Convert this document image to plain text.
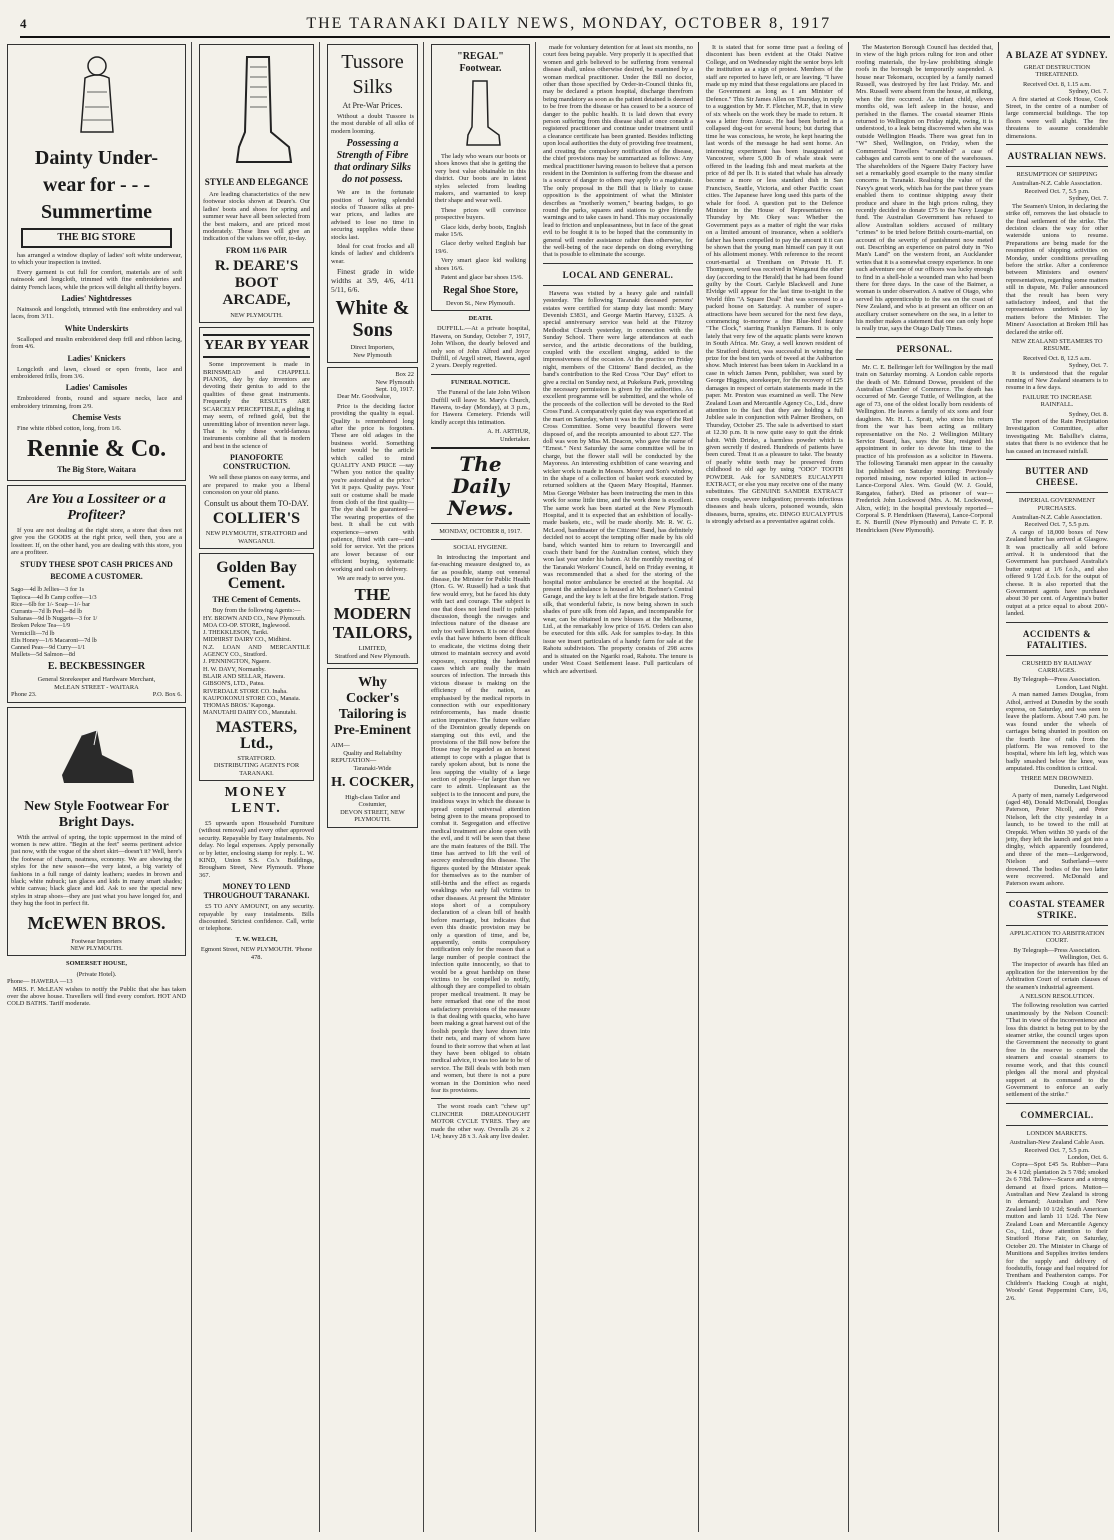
4	THE TARANAKI DAILY NEWS, MONDAY, OCTOBER 8, 1917
Dainty Under-
wear for - - -
Summertime
THE BIG STORE

has arranged a window display of ladies' soft white underwear, to which your inspection is invited.

Every garment is cut full for comfort, materials are of soft nainsook and longcloth, trimmed with fine embroideries and dainty French laces, while the prices will delight all thrifty buyers.

Ladies' Nightdresses

Nainsook and longcloth, trimmed with fine embroidery and val laces, from 3/11.

White Underskirts

Scalloped and muslin embroidered deep frill and ribbon lacing, from 4/6.

Ladies' Knickers

Longcloth and lawn, closed or open fronts, lace and embroidered frills, from 3/6.

Ladies' Camisoles

Embroidered fronts, round and square necks, lace and embroidery trimming, from 2/9.

Chemise Vests

Fine white ribbed cotton, long, from 1/6.

Rennie & Co.
The Big Store, Waitara
Are You a Lossiteer or a Profiteer?

If you are not dealing at the right store, a store that does not give you the GOODS at the right price, well then, you are a lossiteer. If, on the other hand, you are dealing with this store, you are a profiteer.

STUDY THESE SPOT CASH PRICES AND BECOME A CUSTOMER.
Sago—4d lb Jellies—3 for 1s
Tapioca—4d lb Camp coffee—1/3
Rice—6lb for 1/- Soap—1/- bar
Currants—7d lb Peel—8d lb
Sultanas—9d lb Nuggets—3 for 1/
Broken Pekoe Tea—1/9
Vermicilli—7d lb
Elis Honey—1/6 Macaroni—7d lb
Canned Peas—9d Curry—1/1
Mullets—5d Salmon—8d
E. BECKBESSINGER
General Storekeeper and Hardware Merchant,
McLEAN STREET - WAITARA
Phone 23.	P.O. Box 6.
New Style Footwear For Bright Days.

With the arrival of spring, the topic uppermost in the mind of women is new attire. "Begin at the feet" seems pertinent advice just now, with the vogue of the short skirt—doesn't it? Well, here's the footwear of charm, neatness, economy. We are showing the styles for the new season—the very latest, a big variety of fashions in a full range of dainty leathers; suedes in brown and black; white nubuck; tan glaces and kids in many smart shades; white canvas; black glace and kid. Ask to see the special new styles in strap shoes—they are just what you have longed for, and they hug the foot in perfect fit.

McEWEN BROS.
Footwear Importers
NEW PLYMOUTH.
SOMERSET HOUSE,
(Private Hotel).
Phone— HAWERA —13

MRS. F. McLEAN wishes to notify the Public that she has taken over the above house. Travellers will find every comfort. HOT AND COLD BATHS. Tariff moderate.

STYLE AND ELEGANCE

Are leading characteristics of the new footwear stocks shown at Deare's. Our ladies' boots and shoes for spring and summer wear have all been selected from the best makers, and are priced most moderately. These lines will give an indication of the values we offer, to-day.

FROM 11/6 PAIR
R. DEARE'S BOOT ARCADE,
NEW PLYMOUTH.
YEAR BY YEAR

Some improvement is made in BRINSMEAD and CHAPPELL PIANOS, day by day inventors are devoting their genius to add to the qualities of these great instruments. Frequently the RESULTS ARE SCARCELY PERCEPTIBLE, a gliding it may seem, of refined gold, but the unremitting labor of invention never lags. That is why these world-famous instruments combine all that is modern and best in the science of

PIANOFORTE CONSTRUCTION.

We sell these pianos on easy terms, and are prepared to make you a liberal concession on your old piano.

Consult us about them TO-DAY.
COLLIER'S
NEW PLYMOUTH, STRATFORD and WANGANUI.
Golden Bay Cement.
THE Cement of Cements.
Buy from the following Agents:—
HY. BROWN AND CO., New Plymouth.
MOA CO-OP. STORE, Inglewood.
J. THEKKLESON, Tariki.
MIDHIRST DAIRY CO., Midhirst.
N.Z. LOAN AND MERCANTILE AGENCY CO., Stratford.
J. PENNINGTON, Ngaere.
H. W. DAVY, Normanby.
BLAIR AND SELLAR, Hawera.
GIBSON'S, LTD., Patea.
RIVERDALE STORE CO. Inaha.
KAUPOKONUI STORE CO., Manaia.
THOMAS BROS.' Kaponga.
MANUTAHI DAIRY CO., Manutahi.
MASTERS, Ltd.,
STRATFORD.
DISTRIBUTING AGENTS FOR TARANAKI.
MONEY LENT.

£5 upwards upon Household Furniture (without removal) and every other approved security. Repayable by Easy Instalments. No delay. No legal expenses. Apply personally or by letter, enclosing stamp for reply. L. W. KIND, Union S.S. Co.'s Buildings, Brougham Street, New Plymouth. 'Phone 367.

MONEY TO LEND THROUGHOUT TARANAKI.

£5 TO ANY AMOUNT, on any security. repayable by easy instalments. Bills discounted. Strictest confidence. Call, write or telephone.

T. W. WELCH,
Egmont Street, NEW PLYMOUTH. 'Phone 478.
Tussore
Silks
At Pre-War Prices.

Without a doubt Tussore is the most durable of all silks of modern looming.

Possessing a Strength of Fibre that ordinary Silks do not possess.

We are in the fortunate position of having splendid stocks of Tussore silks at pre-war prices, and ladies are advised to lose no time in securing supplies while these stocks last.

Ideal for coat frocks and all kinds of ladies' and children's wear.

Finest grade in wide widths at 3/9, 4/6, 4/11 5/11, 6/6.

White & Sons
Direct Importers,
New Plymouth
Box 22
New Plymouth
Sept. 10, 1917.

Dear Mr. Goodvalue,

Price is the deciding factor providing the quality is equal. Quality is remembered long after the price is forgotten. These are old adages in the business world. Something better would be the article which called to mind QUALITY AND PRICE —say "When you notice the quality you're astonished at the price." Yet it pays. Quality pays. Your suit or costume shall be made from cloth of the first quality—The dye shall be guaranteed—The wearing properties of the best. It shall be cut with experience—sewn with patience, fitted with care—and sold for service. Yet the prices are lower because of our efficient buying, systematic working and cash on delivery.

We are ready to serve you.

THE MODERN TAILORS,
LIMITED,
Stratford and New Plymouth.
Why Cocker's Tailoring is Pre-Eminent
AIM—
Quality and Reliability
REPUTATION—
Taranaki-Wide
H. COCKER,
High-class Tailor and Costumier,
DEVON STREET, NEW PLYMOUTH.
"REGAL" Footwear.

The lady who wears our boots or shoes knows that she is getting the very best value obtainable in this district. Our boots are in latest styles selected from leading makers, and warranted to keep their shape and wear well.

These prices will convince prospective buyers.

Glace kids, derby boots, English make 15/6.

Glace derby welted English bar 19/6.

Very smart glace kid walking shoes 16/6.

Patent and glace bar shoes 15/6.

Regal Shoe Store,
Devon St., New Plymouth.
DEATH.

DUFFILL.—At a private hospital, Hawera, on Sunday, October 7, 1917, John Wilson, the dearly beloved and only son of John Alfred and Joyce Duffill, of Argyll street, Hawera, aged 2 years. Deeply regretted.

FUNERAL NOTICE.

The Funeral of the late John Wilson Duffill will leave St. Mary's Church, Hawera, to-day (Monday), at 3 p.m., for Hawera Cemetery. Friends will kindly accept this intimation.

A. H. ARTHUR,
Undertaker.
The Daily News.
MONDAY, OCTOBER 8, 1917.
SOCIAL HYGIENE.

In introducing the important and far-reaching measure designed to, as far as possible, stamp out venereal disease, the Minister for Public Health (Hon. G. W. Russell) had a task that few would envy, but he faced his duty with tact and courage. The subject is one that does not lend itself to public discussion, though the ravages and infectious nature of the disease are only too well known. It is one of those evils that have hitherto been difficult to eradicate, the victims doing their utmost to maintain secrecy and avoid exposure, excepting the hardened cases which are really the main sources of infection. The inroads this vicious disease is making on the efficiency of the nation, as emphasised by the medical reports in connection with our expeditionary reinforcements, has made drastic action imperative. The future welfare of the Dominion greatly depends on stamping out this evil, and the provisions of the Bill now before the House may be regarded as an honest attempt to cope with a plague that is rarely spoken about, but is none the less sapping the vitality of a large section of people—far larger than we care to admit. Unpleasant as the subject is to the innocent and pure, the insidious ways in which the disease is spread compel universal attention being given to the means proposed to combat it. Segregation and effective medical treatment are alone open with the evil, and it will be seen that these are the main features of the Bill. The time has arrived to lift the veil of secrecy enshrouding this disease. The figures quoted by the Minister speak for themselves as to the number of still-births and the effect as regards weaklings who early fall victims to other diseases. At present the Minister stops short of a compulsory declaration of a clean bill of health before marriage, but indicates that even this drastic provision may be only a question of time, and be, apparently, omits compulsory notification only for the reason that a large number of people contract the infection quite innocently, so that to would be a great hardship on these victims to be compelled to notify, although they are compelled to obtain proper medical treatment. It may be here remarked that one of the most satisfactory provisions of the measure is that dealing with quacks, who have been making a great harvest out of the foolish people they have drawn into their nets, and many of whom have found to their sorrow that when at last they have been obliged to obtain medical advice, it was too late to be of service. The Bill deals with both men and women, but there is not a pure woman in the Dominion who need fear its provisions.

The worst roads can't "chew up" CLINCHER DREADNOUGHT MOTOR CYCLE TYRES. They are made the other way. Overalls 26 x 2 1/4; heavy 28 x 3. Ask any live dealer.

made for voluntary detention for at least six months, no court fees being payable. Very properly it is specified that women and girls believed to be suffering from venereal disease shall, unless otherwise desired, be examined by a woman medical practitioner. Under the Bill no doctor, other than those specified by Order-in-Council thinks fit, may be declared a prison hospital, discharge therefrom being mandatory as soon as the patient detained is deemed to be free from the disease or has ceased to be a source of danger to the public health. It is laid down that every person suffering from this disease shall at once consult a registered practitioner and continue under treatment until a clearance certificate has been granted. Besides inflicting upon local authorities the duty of providing free treatment, and creating the compulsory notification of the disease, the chief provisions may be summarized as follows: Any medical practitioner having reason to believe that a person resident in the Dominion is suffering from the disease and is a source of danger to others may apply to a magistrate. The only proposal in the Bill that is likely to cause opposition is the appointment of what the Minister describes as "motherly women," bearing badges, to go round the parks, squares and stations to give friendly warnings and to take cases in hand. This may occasionally lead to friction and unpleasantness, but in face of the great evil to be fought it is to be hoped that the community in general will render assistance rather than otherwise, for the well-being of the race depends on doing everything that is possible to eliminate the scourge.

LOCAL AND GENERAL.

Hawera was visited by a heavy gale and rainfall yesterday. The following Taranaki deceased persons' estates were certified for stamp duty last month: Mary Devenish £3831, and George Martin Harvey, £1325. A special anniversary service was held at the Fitzroy Methodist Church yesterday, in connection with the Sunday School. There were large attendances at each service, and the artistic decorations of the building, coupled with the excellent singing, added to the impressiveness of the occasion. At the practice on Friday night, members of the Citizens' Band decided, as the band's contribution to the Red Cross "Our Day" effort to give a recital on Sunday next, at Pukekura Park, providing the necessary permission is given by the authorities. An excellent programme will be submitted, and the whole of the proceeds of the collection will be devoted to the Red Cross Fund. A comparatively quiet day was experienced at the mart on Saturday, when it was in the charge of the Red Cross Committee. Some very beautiful flowers were disposed of, and the receipts amounted to about £27. The doll was won by Miss M. Deacon, who gave the name of "Ernest." Next Saturday the same committee will be in charge, but the flower stall will be conducted by the Mayoress. An interesting exhibition of cane weaving and wicker work is made in Messrs. Morey and Son's window, in the shape of a collection of basket work executed by returned soldiers at the Queen Mary Hospital, Hanmer. Miss George Webster has been instructing the men in this work for some little time, and the work done is excellent. The same work has been started at the New Plymouth Hospital, and it is expected that an exhibition of locally-made baskets, etc., will be made shortly. Mr. R. W. G. McLeod, bandmaster of the Citizens' Band, has definitely decided not to accept the tempting offer made by his old band, which wanted him to return to Invercargill and coach their band for the Australian contest, which they won last year under his baton. At the monthly meeting of the Taranaki Workers' Council, held on Friday evening, it was recommended that a shed for the storing of the hospital motor ambulance be erected at the hospital. At present the ambulance is housed at Mr. Brebner's Central Garage, and the key is left at the fire brigade station. Frog silk, that wonderful fabric, is now being shown in such shades of pure silk from old Japan, and incomparable for wear, can be obtained in new blouses at the Melbourne, Ltd., at the remarkably low price of 16/6. Orders can also be executed for this silk. Ask for samples to-day. In this issue we insert particulars of a handy farm for sale at the Rahotu subdivision. The property consists of 298 acres and is situated on the Ngariki road, Rahotu. The tenure is under West Coast Settlement lease. Full particulars of which are advertised.

It is stated that for some time past a feeling of discontent has been evident at the Otaki Native College, and on Wednesday night the senior boys left the institution as a sign of protest. Members of the staff are reported to have left, or are leaving. "I have made up my mind that these regulations are placed in the Government as long as I am Minister of Defence." This Sir James Allen on Thursday, in reply to a suggestion by Mr. F. Fletcher, M.P., that in view of six wheels on the work they be made to return. It was a letter from Anzac. He had been buried in a collapsed dug-out for several hours; but during that time he was conscious, he wrote, he kept hearing the last words of the message he had sent home. An interesting experiment has been inaugurated at Vancouver, where 5,000 lb of whale steak were offered in the leading fish and meat markets at the price of 8d per lb. It is stated that whale has already become a more or less standard dish in San Francisco, Seattle, Victoria, and other Pacific coast cities. The Japanese have long used this parts of the whale for food. A question put to the Defence Minister in the House of Representatives on Thursday by Mr. Okey was: Whether the Government pays as a matter of right the war risks on a limited amount of insurance, when a soldier's father has been compelled to pay the amount it it can be shown that the young man himself can pay it out of his allotment money. With reference to the recent court-martial at Trentham on Private H. F. Thompson, word was received in Wanganui the other day (according to the Herald) that he had been found guilty by the Court. Carlyle Blackwell and June Elvidge will appear for the last time to-night in the World film "A Square Deal" that was screened to a packed house on Saturday. A number of super-attractions have been secured for the next few days, commencing to-morrow a fine Blue-bird feature "The Clock," starring Franklyn Farnum. It is only lately that very few of the aquatic plants were known in South Africa. Mr. Gray, a well known resident of the Stratford district, was successful in winning the prize for the best ten yards of tweed at the Ashburton show. Much interest has been taken in Auckland in a case in which James Penn, publisher, was sued by George Higgins, storekeeper, for the recovery of £25 damages in respect of certain statements made in the paper. Mr. Preston was examined as well. The New Zealand Loan and Mercantile Agency Co., Ltd., draw attention to the fact that they are holding a full Jubilee sale in conjunction with Palmer Brothers, on Thursday, October 25. The sale is advertised to start at 12.30 p.m. It is now quite easy to quit the drink habit. With Drinko, a harmless powder which is given secretly if desired. Hundreds of patients have been cured. Treat it as a pleasure to take. The beauty of pearly white teeth may be preserved from childhood to old age by using "ODO" TOOTH POWDER. Ask for SANDER'S EUCALYPTI EXTRACT, or else you may receive one of the many substitutes. The GENUINE SANDER EXTRACT cures coughs, severe indigestion; prevents infectious diseases and heals ulcers, poisoned wounds, skin diseases, burns, sprains, etc. DINGO EUCALYPTUS is strongly advised as a preventative against colds.

The Masterton Borough Council has decided that, in view of the high prices ruling for iron and other roofing materials, the by-law prohibiting shingle roofs in the borough be temporarily suspended. A house near Tekomaru, occupied by a family named Russell, was destroyed by fire last Friday. Mr. and Mrs. Russell were absent from the house, at milking, when the fire occurred. An infant child, eleven months old, was left asleep in the house, and perished in the flames. The coastal steamer Hinis returned to Wellington on Friday night, owing, it is understood, to a leak being discovered when she was outside Wellington Heads. There was great fun in "W" Shed, Wellington, on Friday, when the Commercial Travellers "scrambled" a case of cabbages and carrots sent to one of the warehouses. The shareholders of the Ngaere Dairy Factory have set a remarkably good example to the many similar concerns in Taranaki. Realising the value of the Navy's great work, which has for the past three years enabled them to continue shipping away their produce and share in the high prices ruling, they recently decided to donate £75 to the Navy League fund. The Australian Government has refused to allow Australian soldiers accused of military "crimes" to be tried before British courts-martial, on account of the severity of punishment now meted out. Describing an experience on patrol duty in "No Man's Land" on the western front, an Aucklander writes that it is a somewhat creepy experience. In one such adventure one of our officers was lucky enough to find in a shell-hole a wounded man who had been there for three days. In the case of the Baimer, a woman is under observation. A native of Otago, who served his apprenticeship to the sea on the coast of New Zealand, and who is at present an officer on an auxiliary cruiser somewhere on the sea, in a letter to his mother makes a statement that one can only hope is really true, says the Otago Daily Times.

PERSONAL.

Mr. C. E. Bellringer left for Wellington by the mail train on Saturday morning. A London cable reports the death of Mr. Edmund Dowse, president of the Australian Chamber of Commerce. The death has occurred of Mr. George Tuttle, of Wellington, at the age of 73, one of the oldest locally born residents of Wellington. He leaves a family of six sons and four daughters. Mr. H. L. Spratt, who since his return from the war has been acting as military representative on the No. 2 Wellington Military Service Board, has, says the Star, resigned his appointment in order to devote his time to the practice of his profession as a solicitor in Hawera. The following Taranaki men appear in the casualty list published on Saturday morning: Previously reported missing, now reported killed in action—Lance-Corporal Alex. Wm. Gould (W. J. Gould, Rangatea, father). Died as prisoner of war—Frederick John Lockwood (Mrs. A. M. Lockwood, Altcn, wife); in the hospital previously reported—Corporal S. P. Hendriksen (Hawera), Lance-Corporal E. N. Burrill (New Plymouth) and Private C. F. P. Hendricksen (New Plymouth).

A BLAZE AT SYDNEY.
GREAT DESTRUCTION THREATENED.
Received Oct. 8, 1.15 a.m.
Sydney, Oct. 7.

A fire started at Cook House, Cook Street, in the centre of a number of large commercial buildings. The top floors were well alight. The fire threatens to assume considerable dimensions.

AUSTRALIAN NEWS.
RESUMPTION OF SHIPPING
Australian-N.Z. Cable Association.
Received Oct. 7, 5.5 p.m.
Sydney, Oct. 7.

The Seamen's Union, in declaring the strike off, removes the last obstacle to the final settlement of the strike. The decision clears the way for other waterside unions to resume. Preparations are being made for the resumption of shipping activities on Monday, under conditions prevailing before the strike. After a conference between Ministers and owners' representatives, regarding some matters still in dispute, Mr. Fuller announced that the result has been very satisfactory indeed, and that the representatives undertook to lay matters before the Minister. The Miners' Association at Broken Hill has declared the strike off.

NEW ZEALAND STEAMERS TO RESUME.
Received Oct. 8, 12.5 a.m.
Sydney, Oct. 7.

It is understood that the regular running of New Zealand steamers is to resume in a few days.

FAILURE TO INCREASE RAINFALL.
Sydney, Oct. 8.

The report of the Rain Precipitation Investigation Committee, after investigating Mr. Balsillie's claims, states that there is no evidence that he has caused an increased rainfall.

BUTTER AND CHEESE.
IMPERIAL GOVERNMENT PURCHASES.
Australian-N.Z. Cable Association.
Received Oct. 7, 5.5 p.m.

A cargo of 18,000 boxes of New Zealand butter has arrived at Glasgow. It was practically all sold before arrival. It is understood that the Government has purchased Australia's butter output at 1/6 f.o.b., and also offered 9 1/2d f.o.b. for the output of cheese. It is also reported that the Government agents have purchased about 30 per cent. of Argentina's butter output at a price equal to about 200/- landed.

ACCIDENTS & FATALITIES.
CRUSHED BY RAILWAY CARRIAGES.
By Telegraph—Press Association.
London, Last Night.

A man named James Douglas, from Athol, arrived at Dunedin by the south express, on Saturday, and was seen to leave the platform. About 7.40 p.m. he was found under the wheels of carriages being shunted in position on the fourth line of rails from the platform. He was removed to the hospital, where his left leg, which was badly smashed below the knee, was amputated. His condition is critical.

THREE MEN DROWNED.
Dunedin, Last Night.

A party of men, namely Ledgerwood (aged 48), Donald McDonald, Douglas Paterson, Peter Nicoll, and Peter Nielson, left the city yesterday in a launch, to be towed to the mill at Orepuki. When within 30 yards of the jetty, they left the launch and got into a dinghy, which apparently foundered, and three of the men—Ledgerwood, Nielson and Sutherland—were drowned. The bodies of the two latter were recovered. McDonald and Paterson swam ashore.

COASTAL STEAMER STRIKE.
APPLICATION TO ARBITRATION COURT.
By Telegraph—Press Association.
Wellington, Oct. 6.

The inspector of awards has filed an application for the intervention by the Arbitration Court of certain clauses of the seamen's industrial agreement.

A NELSON RESOLUTION.

The following resolution was carried unanimously by the Nelson Council: "That in view of the inconvenience and loss this district is being put to by the steamer strike, the council urges upon the Government the necessity to grant free in the reserve to compel the steamers and coastal steamers to resume work, and that this council pledges all the moral and physical support at its command to the Government to enforce an early settlement of the strike."

COMMERCIAL.
LONDON MARKETS.
Australian-New Zealand Cable Assn.
Received Oct. 7, 5.5 p.m.
London, Oct. 6.

Copra—Spot £45 5s. Rubber—Para 3s 4 1/2d; plantation 2s 5 7/8d; smoked 2s 6 7/8d. Tallow—Scarce and a strong demand at fixed prices. Mutton—Australian and New Zealand is strong in demand; Australian and New Zealand lamb 10 1/2d; South American mutton and lamb 11 1/2d. The New Zealand Loan and Mercantile Agency Co., Ltd., draw attention to their Stratford Horse Fair, on Saturday, October 20. The Minister in Charge of Munitions and Supplies invites tenders for the supply and delivery of foodstuffs, forage and fuel required for Trentham and Featherston camps. For Children's Hacking Cough at night, Woods' Great Peppermint Cure, 1/6, 2/6.
